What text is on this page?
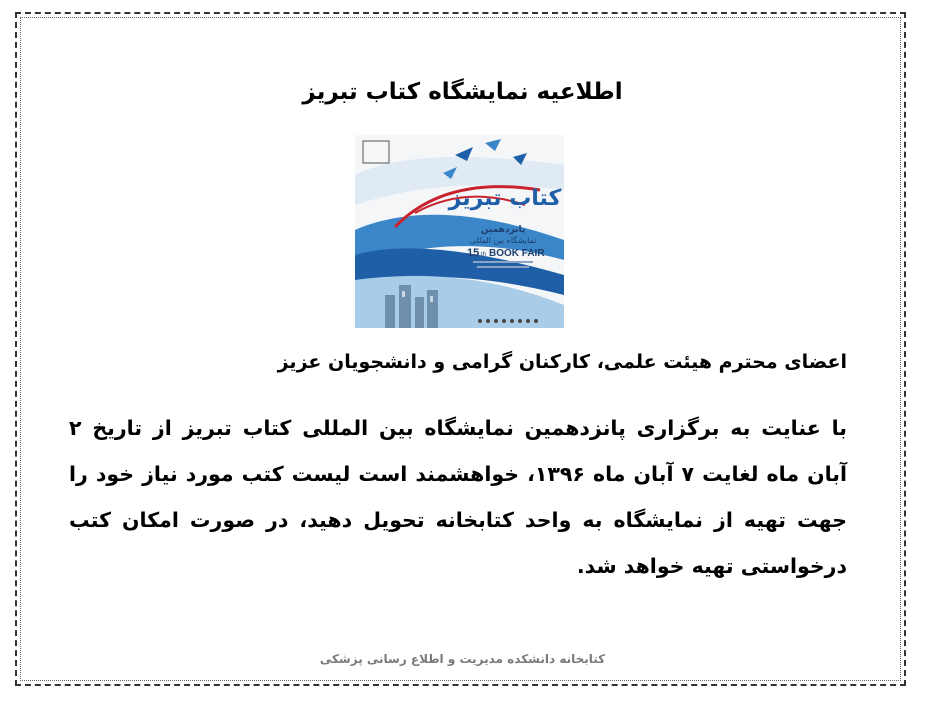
اطلاعیه نمایشگاه کتاب تبریز
کتاب تبریز
پانزدهمین
نمایشگاه بین المللی
15 th BOOK FAIR
اعضای محترم هیئت علمی، کارکنان گرامی و دانشجویان عزیز
با عنایت به برگزاری پانزدهمین نمایشگاه بین المللی کتاب تبریز از تاریخ ۲ آبان ماه لغایت ۷ آبان ماه ۱۳۹۶، خواهشمند است لیست کتب مورد نیاز خود را جهت تهیه از نمایشگاه به واحد کتابخانه تحویل دهید، در صورت امکان کتب درخواستی تهیه خواهد شد.
کتابخانه دانشکده مدیریت و اطلاع رسانی پزشکی
